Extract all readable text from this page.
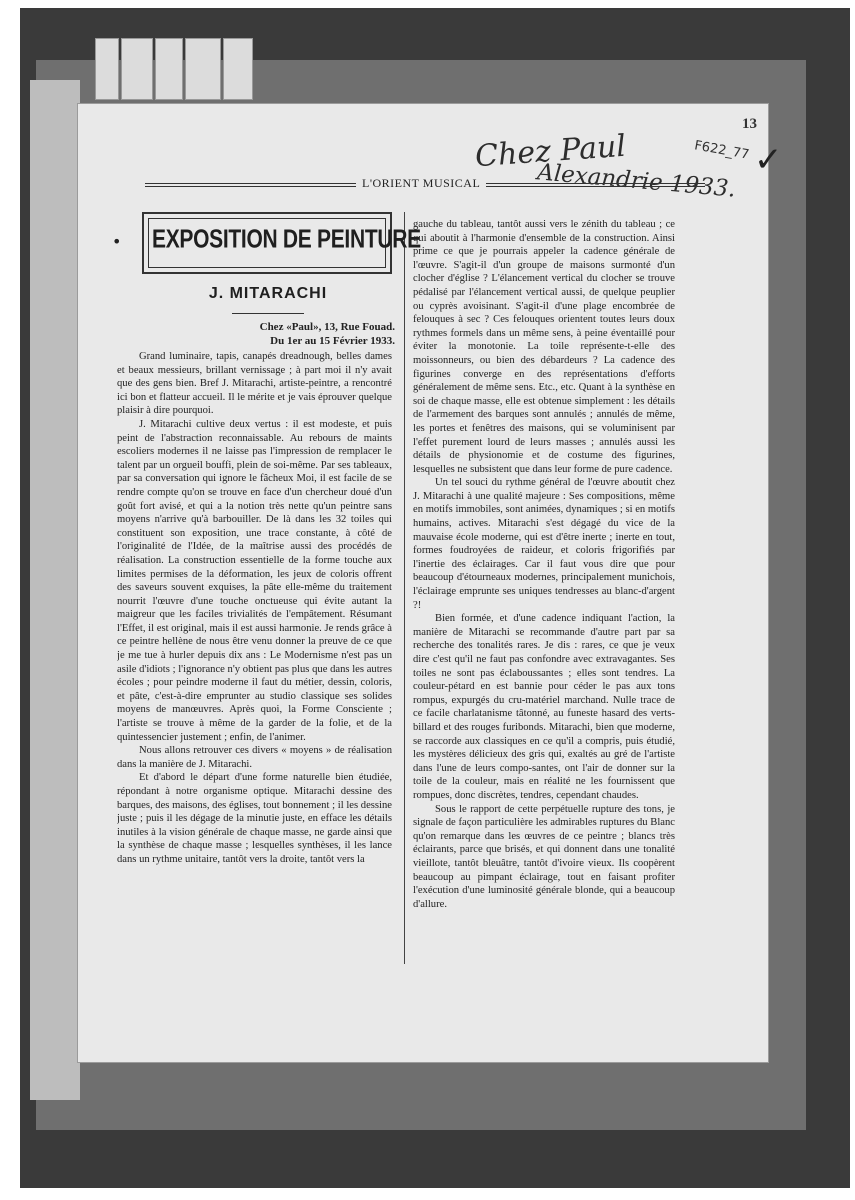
13
Chez Paul
Alexandrie 1933.
F622_77 ✓
L'ORIENT MUSICAL
• EXPOSITION DE PEINTURE
J. MITARACHI
Chez «Paul», 13, Rue Fouad.
Du 1er au 15 Février 1933.

Grand luminaire, tapis, canapés dreadnough, belles dames et beaux messieurs, brillant vernissage ; à part moi il n'y avait que des gens bien. Bref J. Mitarachi, artiste-peintre, a rencontré ici bon et flatteur accueil. Il le mérite et je vais éprouver quelque plaisir à dire pourquoi.

J. Mitarachi cultive deux vertus : il est modeste, et puis peint de l'abstraction reconnaissable. Au rebours de maints escoliers modernes il ne laisse pas l'impression de remplacer le talent par un orgueil bouffi, plein de soi-même. Par ses tableaux, par sa conversation qui ignore le fâcheux Moi, il est facile de se rendre compte qu'on se trouve en face d'un chercheur doué d'un goût fort avisé, et qui a la notion très nette qu'un peintre sans moyens n'arrive qu'à barbouiller. De là dans les 32 toiles qui constituent son exposition, une trace constante, à côté de l'originalité de l'Idée, de la maîtrise aussi des procédés de réalisation. La construction essentielle de la forme touche aux limites permises de la déformation, les jeux de coloris offrent des saveurs souvent exquises, la pâte elle-même du traitement nourrit l'œuvre d'une touche onctueuse qui évite autant la maigreur que les faciles trivialités de l'empâtement. Résumant l'Effet, il est original, mais il est aussi harmonie. Je rends grâce à ce peintre hellène de nous être venu donner la preuve de ce que je me tue à hurler depuis dix ans : Le Modernisme n'est pas un asile d'idiots ; l'ignorance n'y obtient pas plus que dans les autres écoles ; pour peindre moderne il faut du métier, dessin, coloris, et pâte, c'est-à-dire emprunter au studio classique ses solides moyens de manœuvres. Après quoi, la Forme Consciente ; l'artiste se trouve à même de la garder de la folie, et de la quintessencier justement ; enfin, de l'animer.

Nous allons retrouver ces divers « moyens » de réalisation dans la manière de J. Mitarachi.

Et d'abord le départ d'une forme naturelle bien étudiée, répondant à notre organisme optique. Mitarachi dessine des barques, des maisons, des églises, tout bonnement ; il les dessine juste ; puis il les dégage de la minutie juste, en efface les détails inutiles à la vision générale de chaque masse, ne garde ainsi que la synthèse de chaque masse ; lesquelles synthèses, il les lance dans un rythme unitaire, tantôt vers la droite, tantôt vers la

gauche du tableau, tantôt aussi vers le zénith du tableau ; ce qui aboutit à l'harmonie d'ensemble de la construction. Ainsi prime ce que je pourrais appeler la cadence générale de l'œuvre. S'agit-il d'un groupe de maisons surmonté d'un clocher d'église ? L'élancement vertical du clocher se trouve pédalisé par l'élancement vertical aussi, de quelque peuplier ou cyprès avoisinant. S'agit-il d'une plage encombrée de felouques à sec ? Ces felouques orientent toutes leurs doux rythmes formels dans un même sens, à peine éventaillé pour éviter la monotonie. La toile représente-t-elle des moissonneurs, ou bien des débardeurs ? La cadence des figurines converge en des représentations d'efforts généralement de même sens. Etc., etc. Quant à la synthèse en soi de chaque masse, elle est obtenue simplement : les détails de l'armement des barques sont annulés ; annulés de même, les portes et fenêtres des maisons, qui se voluminisent par l'effet purement lourd de leurs masses ; annulés aussi les détails de physionomie et de costume des figurines, lesquelles ne subsistent que dans leur forme de pure cadence.

Un tel souci du rythme général de l'œuvre aboutit chez J. Mitarachi à une qualité majeure : Ses compositions, même en motifs immobiles, sont animées, dynamiques ; si en motifs humains, actives. Mitarachi s'est dégagé du vice de la mauvaise école moderne, qui est d'être inerte ; inerte en tout, formes foudroyées de raideur, et coloris frigorifiés par l'inertie des éclairages. Car il faut vous dire que pour beaucoup d'étourneaux modernes, principalement munichois, l'éclairage emprunte ses uniques tendresses au blanc-d'argent ?!

Bien formée, et d'une cadence indiquant l'action, la manière de Mitarachi se recommande d'autre part par sa recherche des tonalités rares. Je dis : rares, ce que je veux dire c'est qu'il ne faut pas confondre avec extravagantes. Ses toiles ne sont pas éclaboussantes ; elles sont tendres. La couleur-pétard en est bannie pour céder le pas aux tons rompus, expurgés du cru-matériel marchand. Nulle trace de ce facile charlatanisme tâtonné, au funeste hasard des verts-billard et des rouges furibonds. Mitarachi, bien que moderne, se raccorde aux classiques en ce qu'il a compris, puis étudié, les mystères délicieux des gris qui, exaltés au gré de l'artiste dans l'une de leurs compo-santes, ont l'air de donner sur la toile de la couleur, mais en réalité ne les fournissent que rompues, donc discrètes, tendres, cependant chaudes.

Sous le rapport de cette perpétuelle rupture des tons, je signale de façon particulière les admirables ruptures du Blanc qu'on remarque dans les œuvres de ce peintre ; blancs très éclairants, parce que brisés, et qui donnent dans une tonalité vieillote, tantôt bleuâtre, tantôt d'ivoire vieux. Ils coopèrent beaucoup au pimpant éclairage, tout en faisant profiter l'exécution d'une luminosité générale blonde, qui a beaucoup d'allure.
